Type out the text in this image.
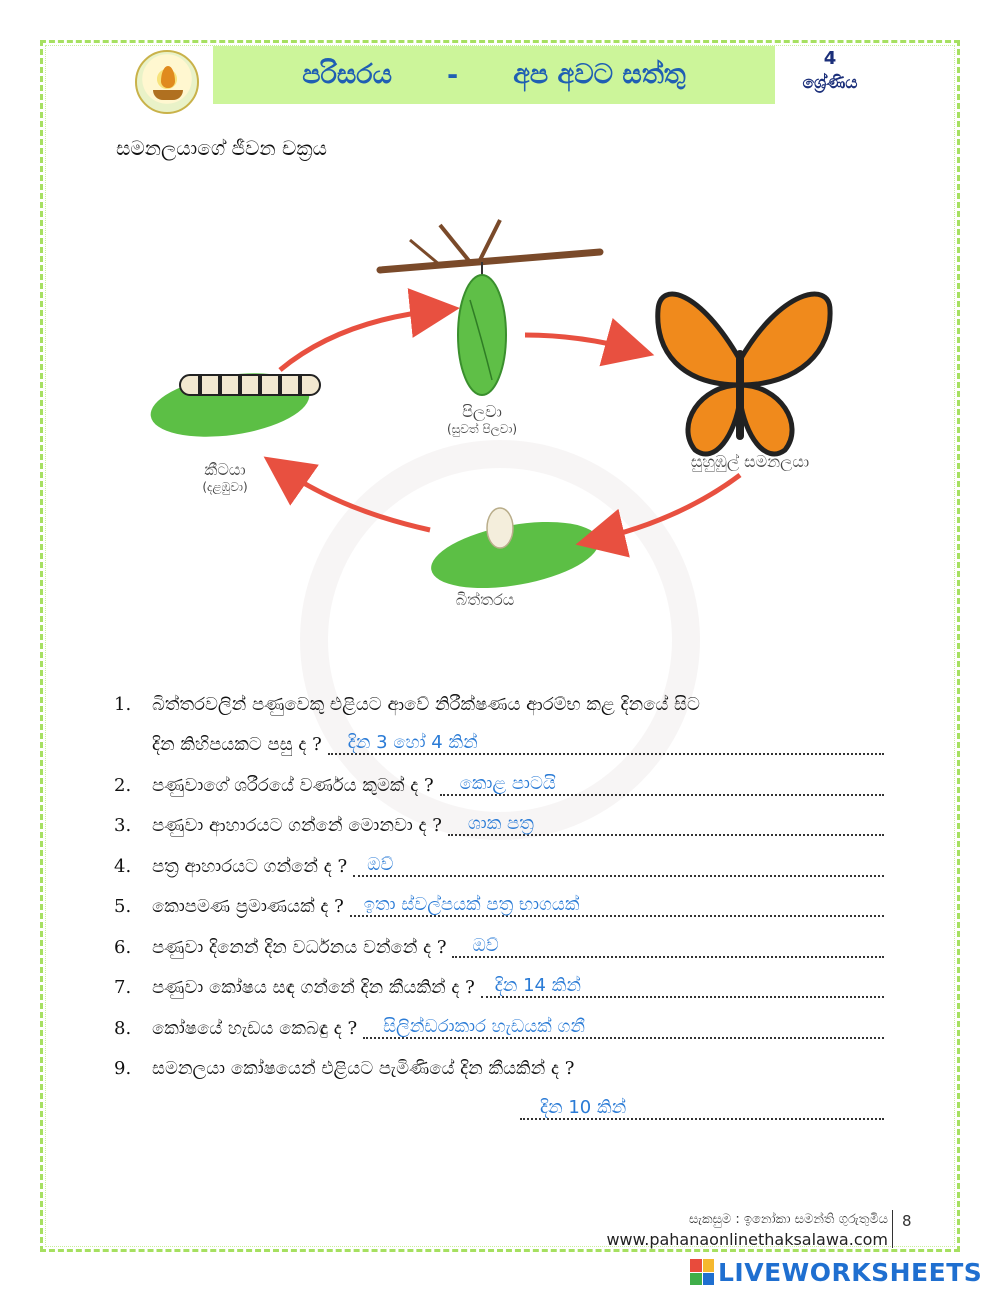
පරිසරය - අප අවට සත්තු
4
ශ්‍රේණිය
සමනලයාගේ ජීවන චක්‍රය
පිලවා
(සුවත් පිලවා)
කීටයා
(දළඹුවා)
සුහුඹුල් සමනලයා
බිත්තරය
1.	බිත්තරවලින් පණුවෙකු එළියට ආවේ නිරීක්ෂණය ආරම්භ කළ දිනයේ සිට
දින කිහිපයකට පසු ද ? දින 3 හෝ 4 කින්
2.	පණුවාගේ ශරීරයේ වර්ණය කුමක් ද ? කොළ පාටයි
3.	පණුවා ආහාරයට ගන්නේ මොනවා ද ? ශාක පත්‍ර
4.	පත්‍ර ආහාරයට ගන්නේ ද ? ඔව්
5.	කොපමණ ප්‍රමාණයක් ද ? ඉතා ස්වල්පයක් පත්‍ර භාගයක්
6.	පණුවා දිනෙන් දින වර්ධනය වන්නේ ද ? ඔව්
7.	පණුවා කෝෂය සඳ ගන්නේ දින කීයකින් ද ? දින 14 කින්
8.	කෝෂයේ හැඩය කෙබඳු ද ? සිලින්ඩරාකාර හැඩයක් ගනී
9.	සමනලයා කෝෂයෙන් එළියට පැමිණියේ දින කීයකින් ද ?
දින 10 කින්
සැකසුම : ඉනෝකා සමන්ති ගුරුතුමිය
www.pahanaonlinethaksalawa.com
8
LIVEWORKSHEETS
